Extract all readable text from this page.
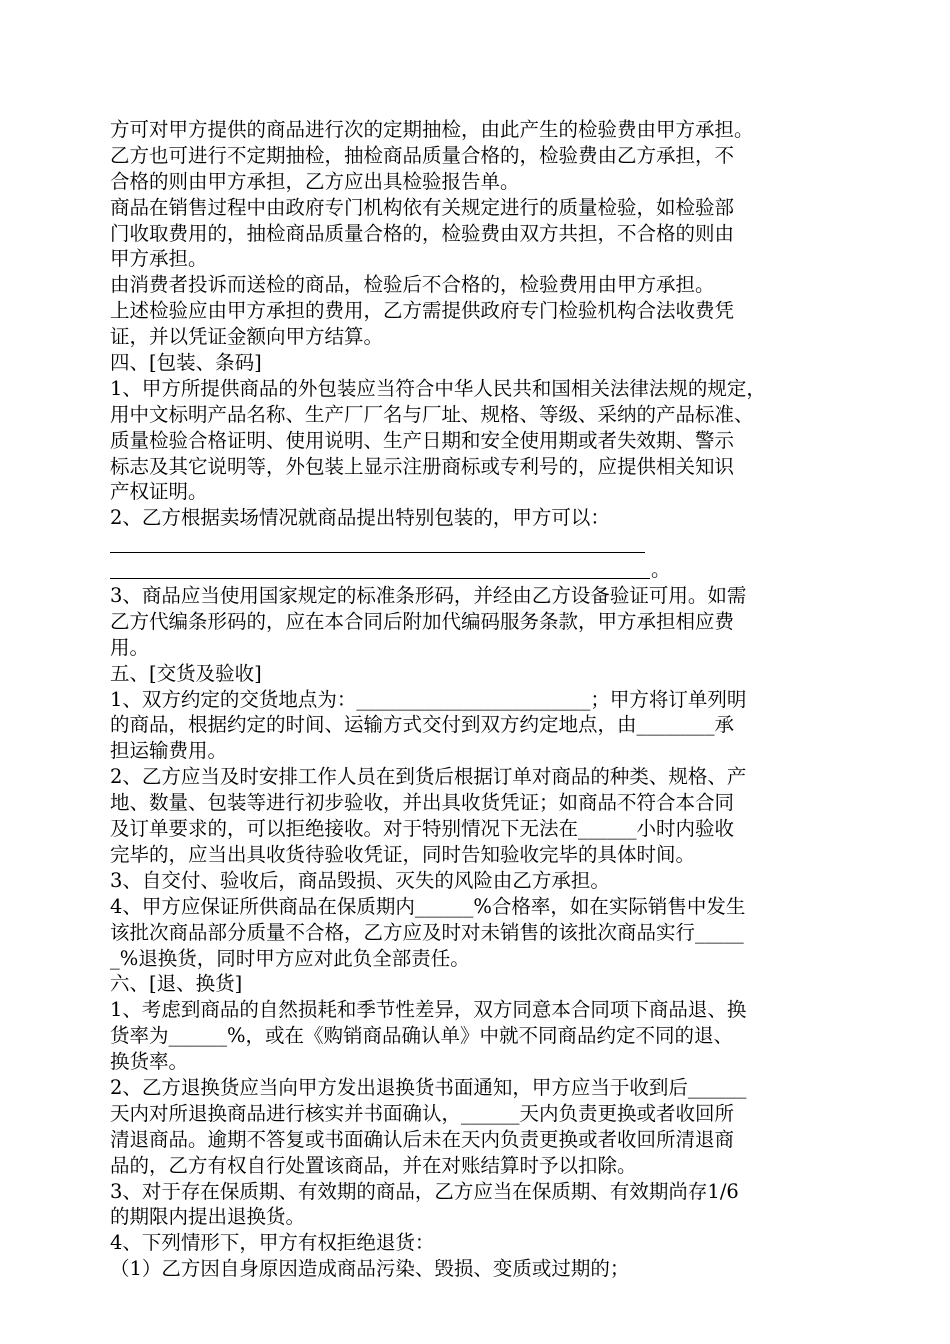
方可对甲方提供的商品进行次的定期抽检，由此产生的检验费由甲方承担。
乙方也可进行不定期抽检，抽检商品质量合格的，检验费由乙方承担，不
合格的则由甲方承担，乙方应出具检验报告单。
商品在销售过程中由政府专门机构依有关规定进行的质量检验，如检验部
门收取费用的，抽检商品质量合格的，检验费由双方共担，不合格的则由
甲方承担。
由消费者投诉而送检的商品，检验后不合格的，检验费用由甲方承担。
上述检验应由甲方承担的费用，乙方需提供政府专门检验机构合法收费凭
证，并以凭证金额向甲方结算。
四、[包装、条码]
1、甲方所提供商品的外包装应当符合中华人民共和国相关法律法规的规定，
用中文标明产品名称、生产厂厂名与厂址、规格、等级、采纳的产品标准、
质量检验合格证明、使用说明、生产日期和安全使用期或者失效期、警示
标志及其它说明等，外包装上显示注册商标或专利号的，应提供相关知识
产权证明。
2、乙方根据卖场情况就商品提出特别包装的，甲方可以：
。
3、商品应当使用国家规定的标准条形码，并经由乙方设备验证可用。如需
乙方代编条形码的，应在本合同后附加代编码服务条款，甲方承担相应费
用。
五、[交货及验收]
1、双方约定的交货地点为：________________________；甲方将订单列明
的商品，根据约定的时间、运输方式交付到双方约定地点，由________承
担运输费用。
2、乙方应当及时安排工作人员在到货后根据订单对商品的种类、规格、产
地、数量、包装等进行初步验收，并出具收货凭证；如商品不符合本合同
及订单要求的，可以拒绝接收。对于特别情况下无法在______小时内验收
完毕的，应当出具收货待验收凭证，同时告知验收完毕的具体时间。
3、自交付、验收后，商品毁损、灭失的风险由乙方承担。
4、甲方应保证所供商品在保质期内______%合格率，如在实际销售中发生
该批次商品部分质量不合格，乙方应及时对未销售的该批次商品实行_____
_%退换货，同时甲方应对此负全部责任。
六、[退、换货]
1、考虑到商品的自然损耗和季节性差异，双方同意本合同项下商品退、换
货率为______%，或在《购销商品确认单》中就不同商品约定不同的退、
换货率。
2、乙方退换货应当向甲方发出退换货书面通知，甲方应当于收到后______
天内对所退换商品进行核实并书面确认，______天内负责更换或者收回所
清退商品。逾期不答复或书面确认后未在天内负责更换或者收回所清退商
品的，乙方有权自行处置该商品，并在对账结算时予以扣除。
3、对于存在保质期、有效期的商品，乙方应当在保质期、有效期尚存1/6
的期限内提出退换货。
4、下列情形下，甲方有权拒绝退货：
（1）乙方因自身原因造成商品污染、毁损、变质或过期的；
